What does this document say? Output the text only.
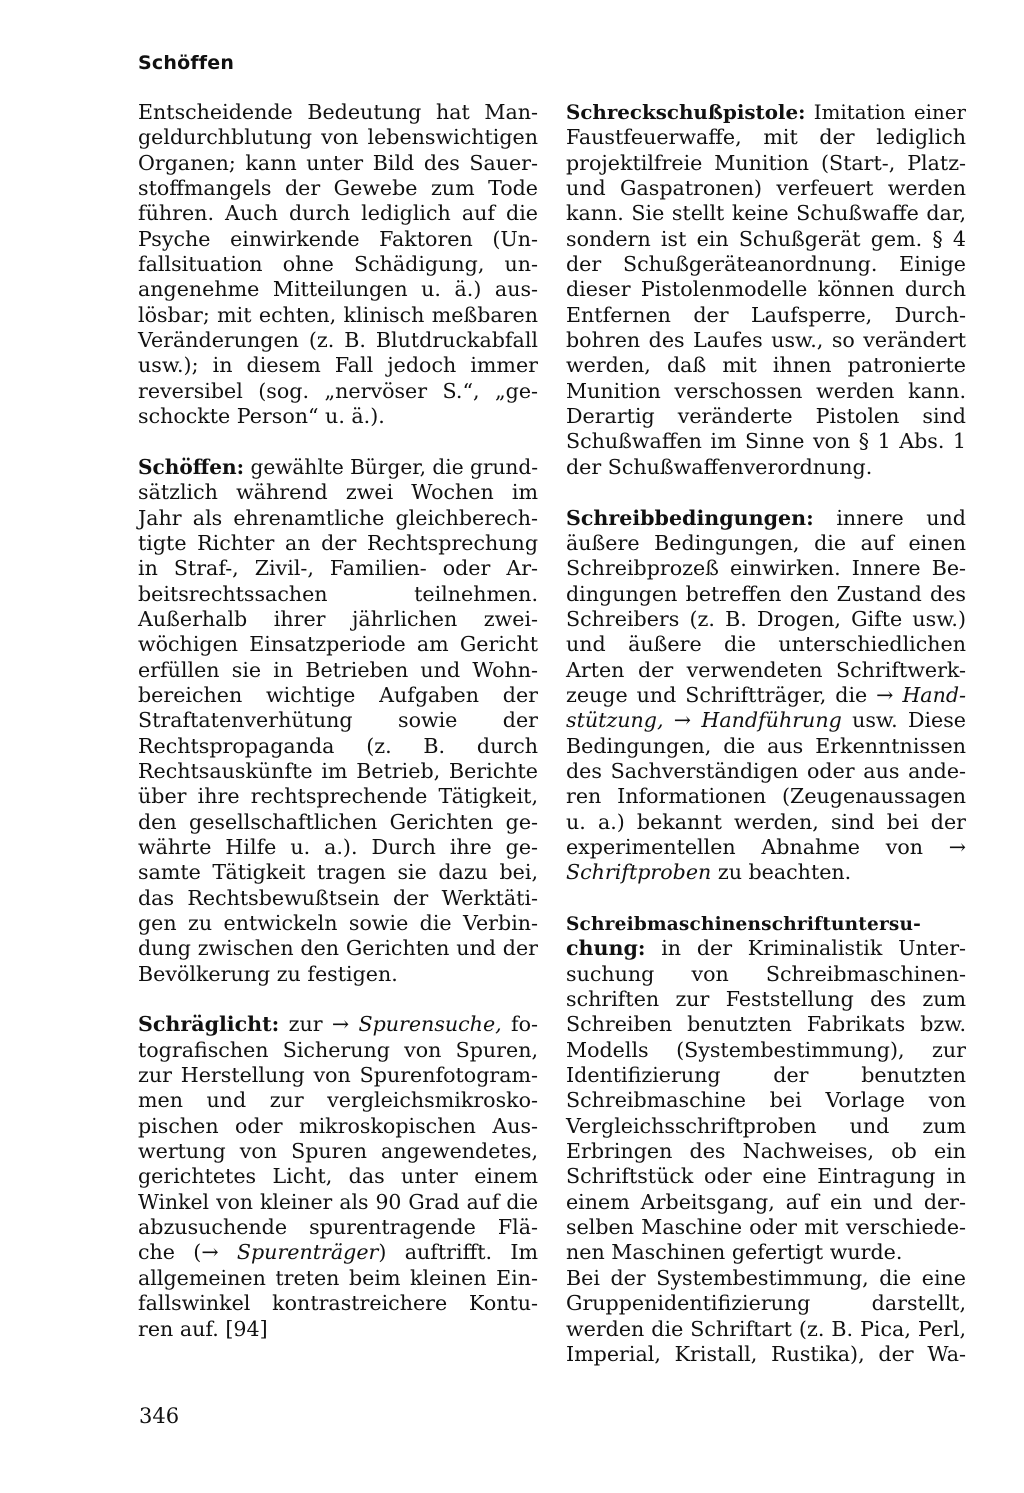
Schöffen
Entscheidende Bedeutung hat Man-
geldurchblutung von lebenswichtigen
Organen; kann unter Bild des Sauer-
stoffmangels der Gewebe zum Tode
führen. Auch durch lediglich auf die
Psyche einwirkende Faktoren (Un-
fallsituation ohne Schädigung, un-
angenehme Mitteilungen u. ä.) aus-
lösbar; mit echten, klinisch meßbaren
Veränderungen (z. B. Blutdruckabfall
usw.); in diesem Fall jedoch immer
reversibel (sog. „nervöser S.“, „ge-
schockte Person“ u. ä.).
Schöffen: gewählte Bürger, die grund-
sätzlich während zwei Wochen im
Jahr als ehrenamtliche gleichberech-
tigte Richter an der Rechtsprechung
in Straf-, Zivil-, Familien- oder Ar-
beitsrechtssachen teilnehmen.
Außerhalb ihrer jährlichen zwei-
wöchigen Einsatzperiode am Gericht
erfüllen sie in Betrieben und Wohn-
bereichen wichtige Aufgaben der
Straftatenverhütung sowie der
Rechtspropaganda (z. B. durch
Rechtsauskünfte im Betrieb, Berichte
über ihre rechtsprechende Tätigkeit,
den gesellschaftlichen Gerichten ge-
währte Hilfe u. a.). Durch ihre ge-
samte Tätigkeit tragen sie dazu bei,
das Rechtsbewußtsein der Werktäti-
gen zu entwickeln sowie die Verbin-
dung zwischen den Gerichten und der
Bevölkerung zu festigen.
Schräglicht: zur → Spurensuche, fo-
tografischen Sicherung von Spuren,
zur Herstellung von Spurenfotogram-
men und zur vergleichsmikrosko-
pischen oder mikroskopischen Aus-
wertung von Spuren angewendetes,
gerichtetes Licht, das unter einem
Winkel von kleiner als 90 Grad auf die
abzusuchende spurentragende Flä-
che (→ Spurenträger) auftrifft. Im
allgemeinen treten beim kleinen Ein-
fallswinkel kontrastreichere Kontu-
ren auf. [94]
Schreckschußpistole: Imitation einer
Faustfeuerwaffe, mit der lediglich
projektilfreie Munition (Start-, Platz-
und Gaspatronen) verfeuert werden
kann. Sie stellt keine Schußwaffe dar,
sondern ist ein Schußgerät gem. § 4
der Schußgeräteanordnung. Einige
dieser Pistolenmodelle können durch
Entfernen der Laufsperre, Durch-
bohren des Laufes usw., so verändert
werden, daß mit ihnen patronierte
Munition verschossen werden kann.
Derartig veränderte Pistolen sind
Schußwaffen im Sinne von § 1 Abs. 1
der Schußwaffenverordnung.
Schreibbedingungen: innere und
äußere Bedingungen, die auf einen
Schreibprozeß einwirken. Innere Be-
dingungen betreffen den Zustand des
Schreibers (z. B. Drogen, Gifte usw.)
und äußere die unterschiedlichen
Arten der verwendeten Schriftwerk-
zeuge und Schriftträger, die → Hand-
stützung, → Handführung usw. Diese
Bedingungen, die aus Erkenntnissen
des Sachverständigen oder aus ande-
ren Informationen (Zeugenaussagen
u. a.) bekannt werden, sind bei der
experimentellen Abnahme von →
Schriftproben zu beachten.
Schreibmaschinenschriftuntersu-
chung: in der Kriminalistik Unter-
suchung von Schreibmaschinen-
schriften zur Feststellung des zum
Schreiben benutzten Fabrikats bzw.
Modells (Systembestimmung), zur
Identifizierung der benutzten
Schreibmaschine bei Vorlage von
Vergleichsschriftproben und zum
Erbringen des Nachweises, ob ein
Schriftstück oder eine Eintragung in
einem Arbeitsgang, auf ein und der-
selben Maschine oder mit verschiede-
nen Maschinen gefertigt wurde.
Bei der Systembestimmung, die eine
Gruppenidentifizierung darstellt,
werden die Schriftart (z. B. Pica, Perl,
Imperial, Kristall, Rustika), der Wa-
346
